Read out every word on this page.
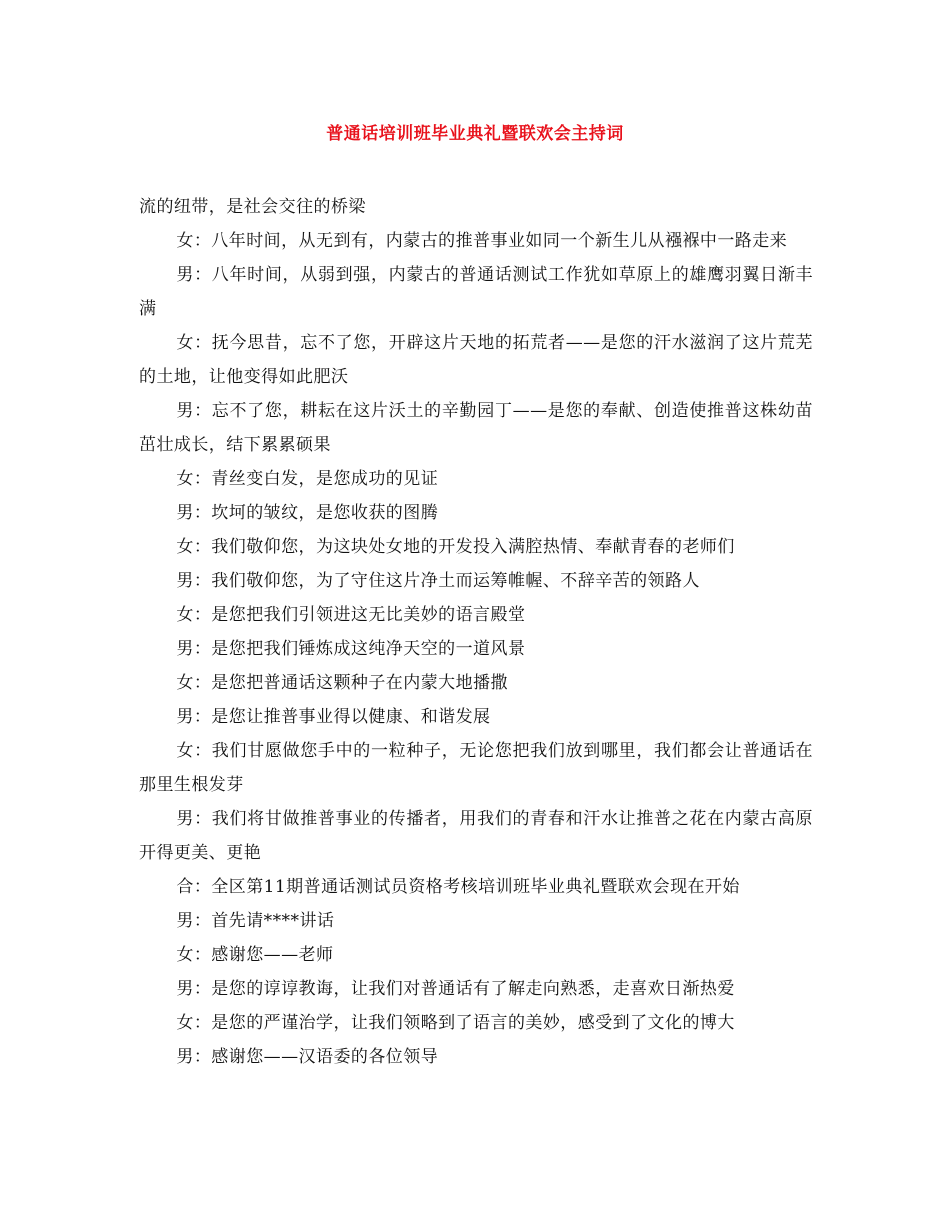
普通话培训班毕业典礼暨联欢会主持词

流的纽带，是社会交往的桥梁

女：八年时间，从无到有，内蒙古的推普事业如同一个新生儿从襁褓中一路走来

男：八年时间，从弱到强，内蒙古的普通话测试工作犹如草原上的雄鹰羽翼日渐丰满

女：抚今思昔，忘不了您，开辟这片天地的拓荒者——是您的汗水滋润了这片荒芜的土地，让他变得如此肥沃

男：忘不了您，耕耘在这片沃土的辛勤园丁——是您的奉献、创造使推普这株幼苗茁壮成长，结下累累硕果

女：青丝变白发，是您成功的见证

男：坎坷的皱纹，是您收获的图腾

女：我们敬仰您，为这块处女地的开发投入满腔热情、奉献青春的老师们

男：我们敬仰您，为了守住这片净土而运筹帷幄、不辞辛苦的领路人

女：是您把我们引领进这无比美妙的语言殿堂

男：是您把我们锤炼成这纯净天空的一道风景

女：是您把普通话这颗种子在内蒙大地播撒

男：是您让推普事业得以健康、和谐发展

女：我们甘愿做您手中的一粒种子，无论您把我们放到哪里，我们都会让普通话在那里生根发芽

男：我们将甘做推普事业的传播者，用我们的青春和汗水让推普之花在内蒙古高原开得更美、更艳

合：全区第11期普通话测试员资格考核培训班毕业典礼暨联欢会现在开始

男：首先请****讲话

女：感谢您——老师

男：是您的谆谆教诲，让我们对普通话有了解走向熟悉，走喜欢日渐热爱

女：是您的严谨治学，让我们领略到了语言的美妙，感受到了文化的博大

男：感谢您——汉语委的各位领导
